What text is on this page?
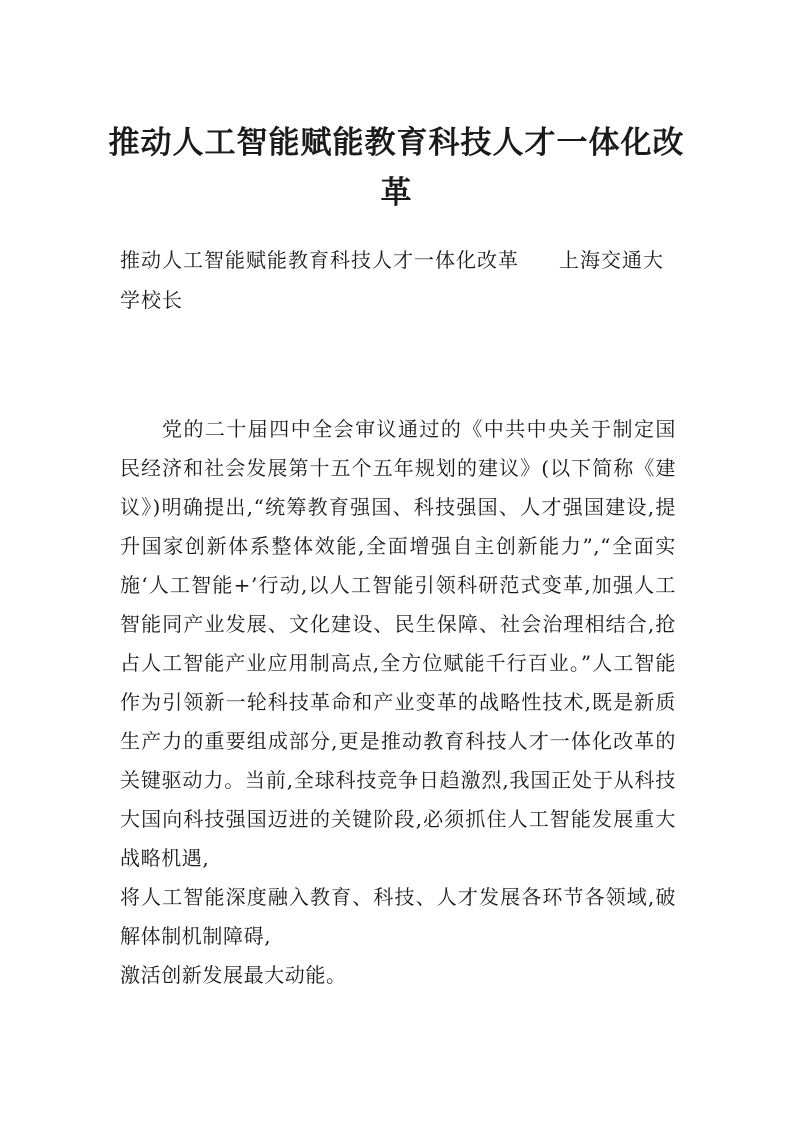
推动人工智能赋能教育科技人才一体化改
革

推动人工智能赋能教育科技人才一体化改革 上海交通大学校长

党的二十届四中全会审议通过的《中共中央关于制定国民经济和社会发展第十五个五年规划的建议》(以下简称《建议》)明确提出,“统筹教育强国、科技强国、人才强国建设,提升国家创新体系整体效能,全面增强自主创新能力”,“全面实施‘人工智能+’行动,以人工智能引领科研范式变革,加强人工智能同产业发展、文化建设、民生保障、社会治理相结合,抢占人工智能产业应用制高点,全方位赋能千行百业。”人工智能作为引领新一轮科技革命和产业变革的战略性技术,既是新质生产力的重要组成部分,更是推动教育科技人才一体化改革的关键驱动力。当前,全球科技竞争日趋激烈,我国正处于从科技大国向科技强国迈进的关键阶段,必须抓住人工智能发展重大战略机遇,

将人工智能深度融入教育、科技、人才发展各环节各领域,破解体制机制障碍,

激活创新发展最大动能。
